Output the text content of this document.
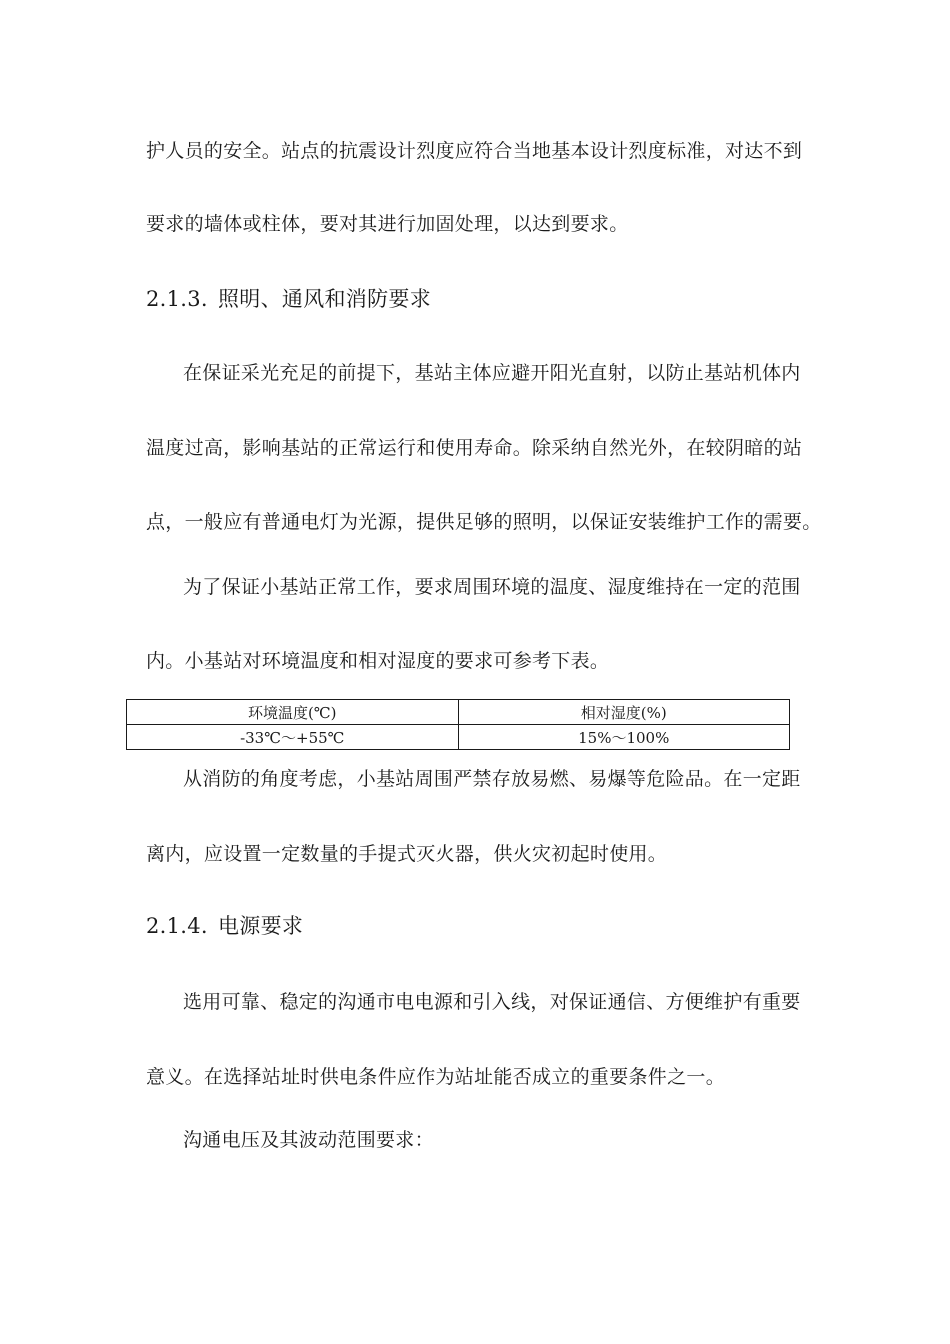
护人员的安全。站点的抗震设计烈度应符合当地基本设计烈度标准，对达不到
要求的墙体或柱体，要对其进行加固处理，以达到要求。
2.1.3. 照明、通风和消防要求
在保证采光充足的前提下，基站主体应避开阳光直射，以防止基站机体内
温度过高，影响基站的正常运行和使用寿命。除采纳自然光外，在较阴暗的站
点，一般应有普通电灯为光源，提供足够的照明，以保证安装维护工作的需要。
为了保证小基站正常工作，要求周围环境的温度、湿度维持在一定的范围
内。小基站对环境温度和相对湿度的要求可参考下表。
环境温度(℃)	相对湿度(%)
-33℃～+55℃	15%～100%
从消防的角度考虑，小基站周围严禁存放易燃、易爆等危险品。在一定距
离内，应设置一定数量的手提式灭火器，供火灾初起时使用。
2.1.4. 电源要求
选用可靠、稳定的沟通市电电源和引入线，对保证通信、方便维护有重要
意义。在选择站址时供电条件应作为站址能否成立的重要条件之一。
沟通电压及其波动范围要求：
